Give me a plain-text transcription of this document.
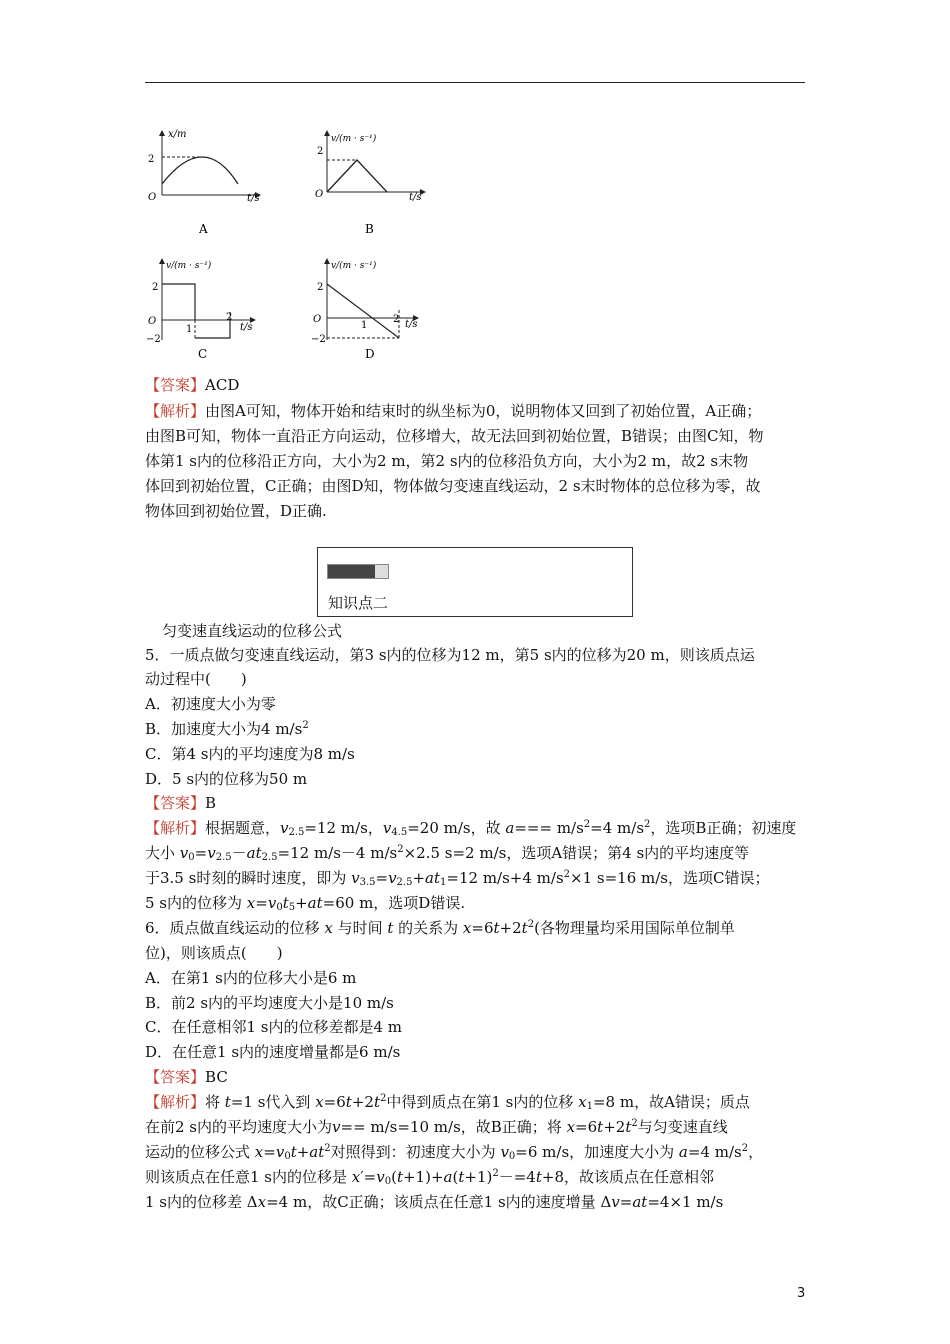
x/m
2
O	t/s
A
v/(m · s⁻¹)
2
O	t/s
B
v/(m · s⁻¹)
2
O
−2
1
2
t/s
C
v/(m · s⁻¹)
2
O
−2
1
2 t/s
D
【答案】ACD
【解析】由图A可知，物体开始和结束时的纵坐标为0，说明物体又回到了初始位置，A正确；
由图B可知，物体一直沿正方向运动，位移增大，故无法回到初始位置，B错误；由图C知，物
体第1 s内的位移沿正方向，大小为2 m，第2 s内的位移沿负方向，大小为2 m，故2 s末物
体回到初始位置，C正确；由图D知，物体做匀变速直线运动，2 s末时物体的总位移为零，故
物体回到初始位置，D正确.
知识点二
匀变速直线运动的位移公式
5．一质点做匀变速直线运动，第3 s内的位移为12 m，第5 s内的位移为20 m，则该质点运
动过程中(　　)
A．初速度大小为零
B．加速度大小为4 $m/s^2$
C．第4 s内的平均速度为8 m/s
D．5 s内的位移为50 m
【答案】B
【解析】根据题意，$v_{2.5}=12$ m/s，$v_{4.5}=20$ m/s，故 $a=== m/s^2=4$ $m/s^2$，选项B正确；初速度
大小 $v_0=v_{2.5}-at_{2.5}=12$ m/s－4 $m/s^2\times 2.5$ s=2 m/s，选项A错误；第4 s内的平均速度等
于3.5 s时刻的瞬时速度，即为 $v_{3.5}=v_{2.5}+at_1=12$ m/s+4 $m/s^2\times 1$ s=16 m/s，选项C错误；
5 s内的位移为 $x=v_0t_5+at=60$ m，选项D错误.
6．质点做直线运动的位移 x 与时间 t 的关系为 $x=6t+2t^2$(各物理量均采用国际单位制单
位)，则该质点(　　)
A．在第1 s内的位移大小是6 m
B．前2 s内的平均速度大小是10 m/s
C．在任意相邻1 s内的位移差都是4 m
D．在任意1 s内的速度增量都是6 m/s
【答案】BC
【解析】将 t=1 s代入到 $x=6t+2t^2$中得到质点在第1 s内的位移 $x_1=8$ m，故A错误；质点
在前2 s内的平均速度大小为v== m/s=10 m/s，故B正确；将 $x=6t+2t^2$与匀变速直线
运动的位移公式 $x=v_0t+at^2$对照得到：初速度大小为 $v_0=6$ m/s，加速度大小为 a=4 $m/s^2$，
则该质点在任意1 s内的位移是 $x'=v_0(t+1)+a(t+1)^2-=4t+8$，故该质点在任意相邻
1 s内的位移差 Δx=4 m，故C正确；该质点在任意1 s内的速度增量 Δv=at=4×1 m/s
3
